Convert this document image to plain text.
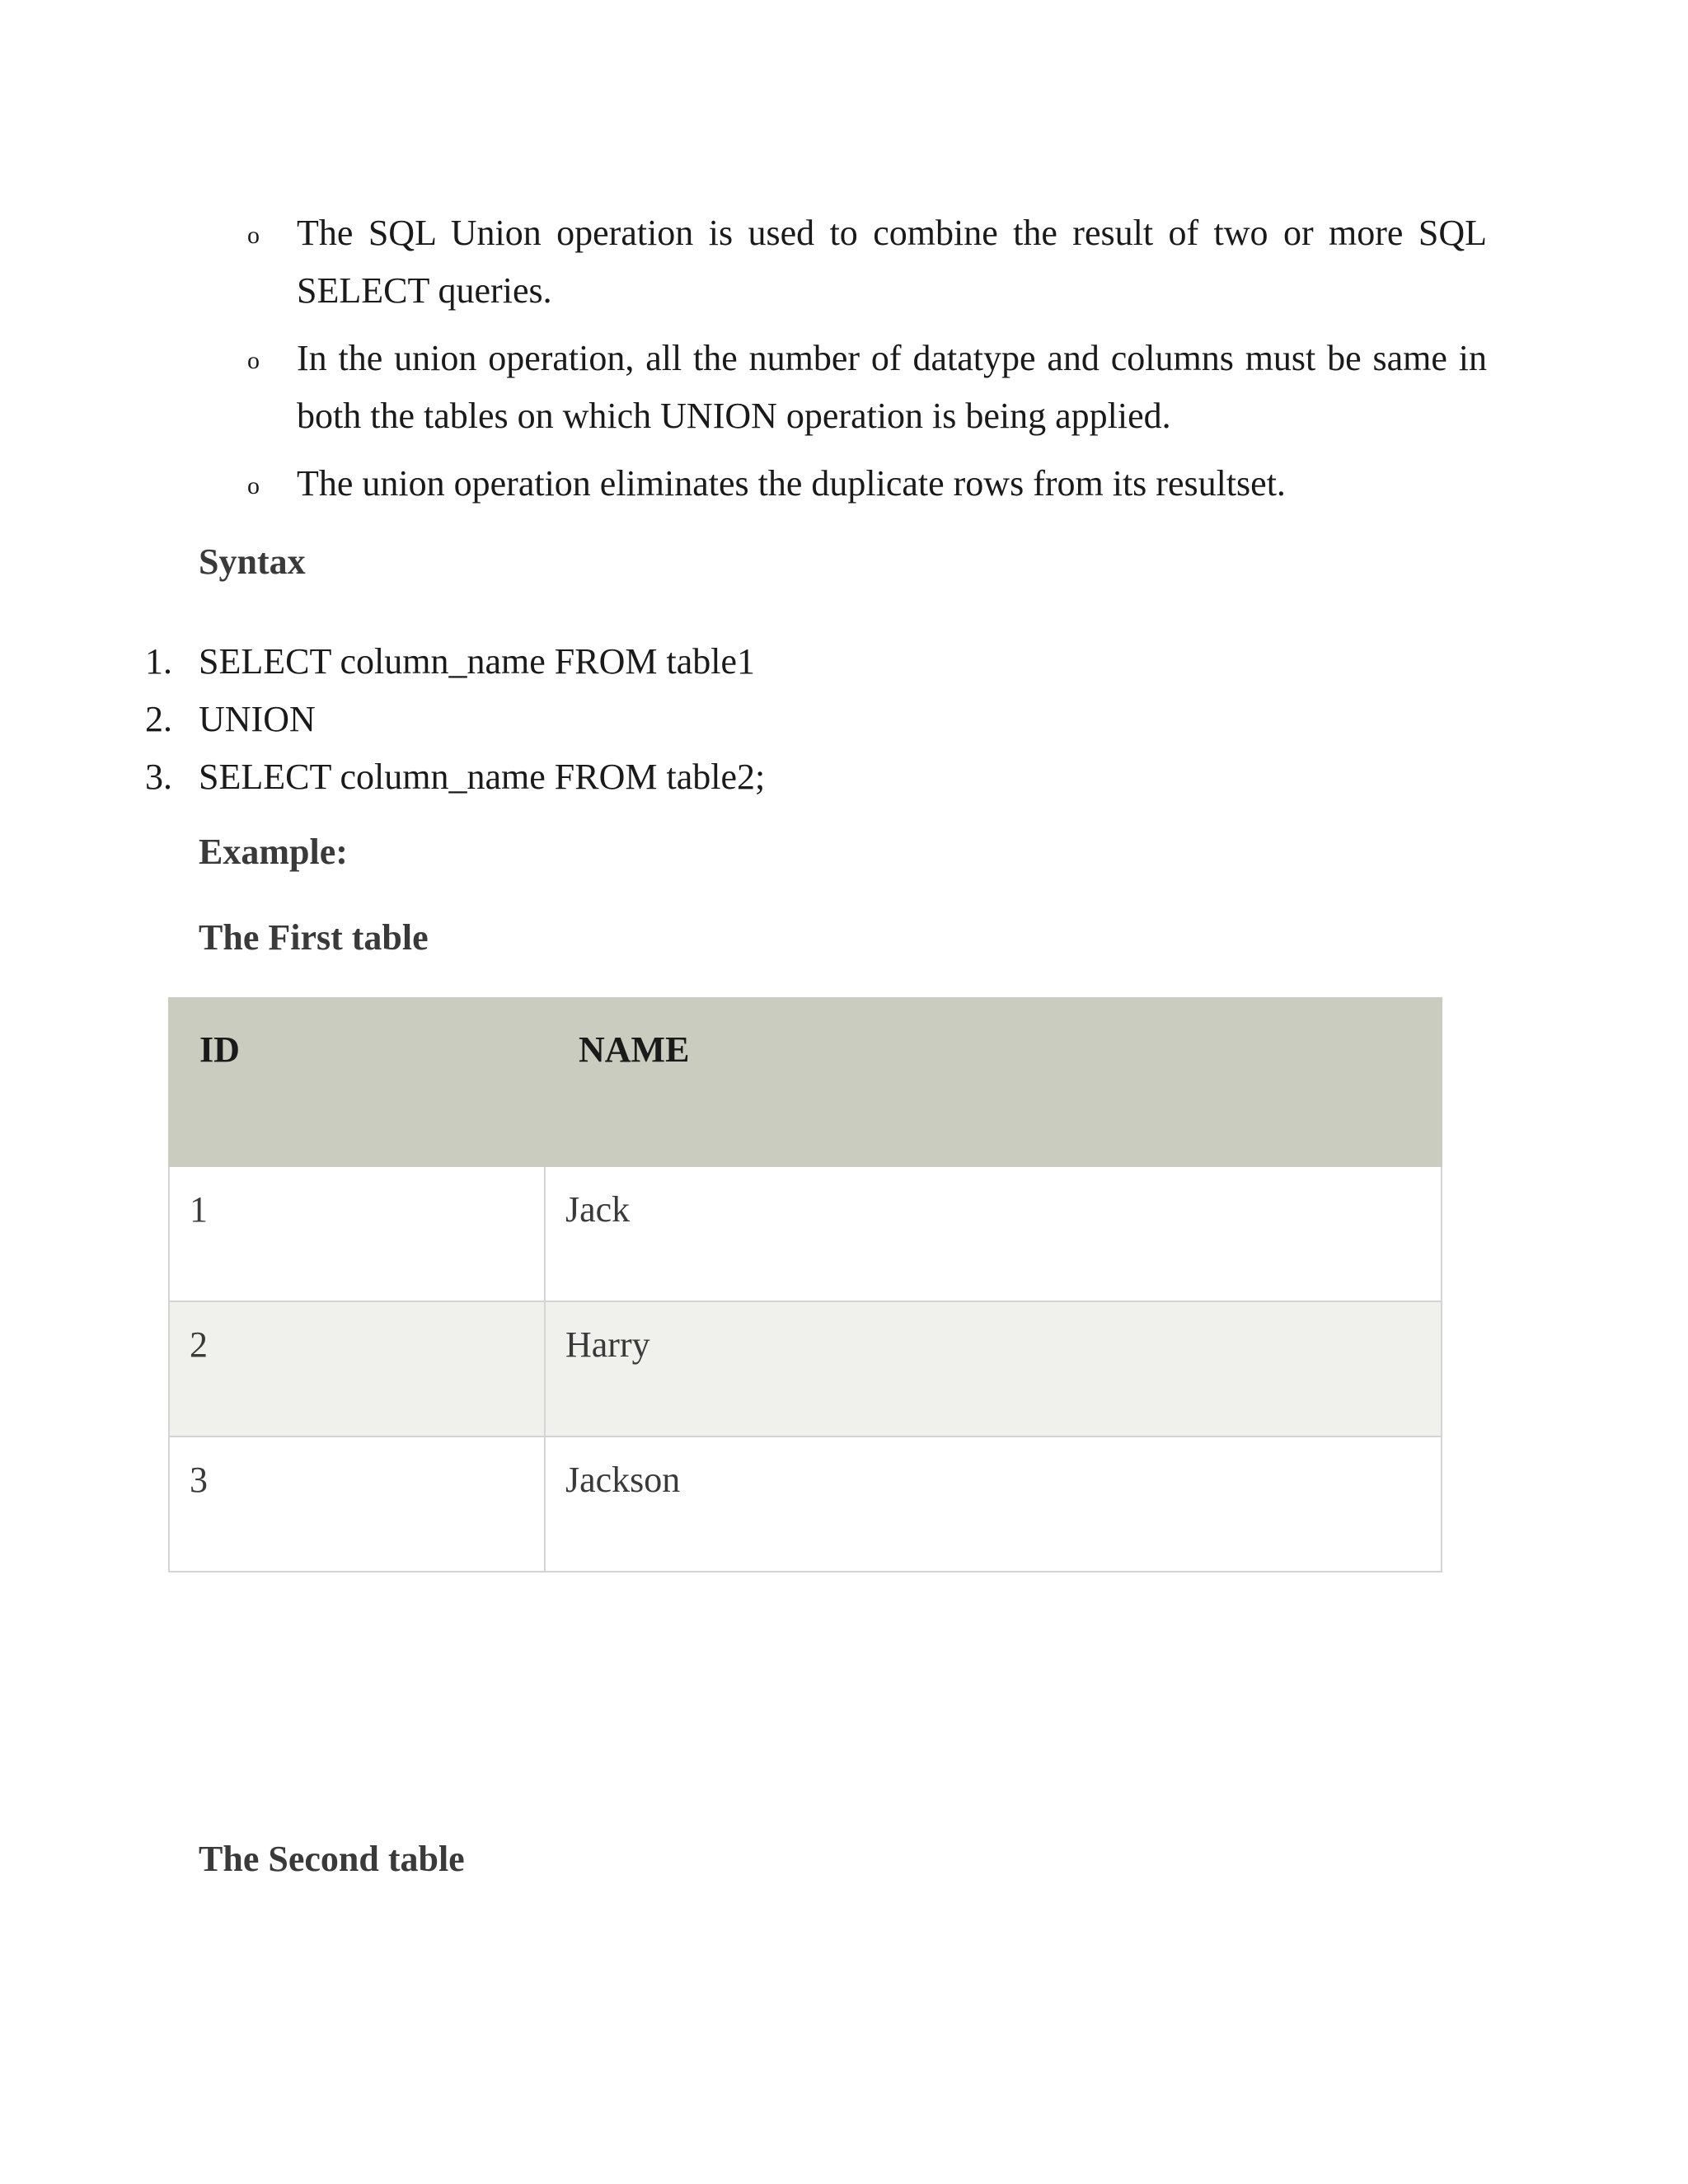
o The SQL Union operation is used to combine the result of two or more SQL SELECT queries.
o In the union operation, all the number of datatype and columns must be same in both the tables on which UNION operation is being applied.
o The union operation eliminates the duplicate rows from its resultset.
Syntax
1. SELECT column_name FROM table1
2. UNION
3. SELECT column_name FROM table2;
Example:
The First table
ID	NAME
1	Jack
2	Harry
3	Jackson
The Second table
